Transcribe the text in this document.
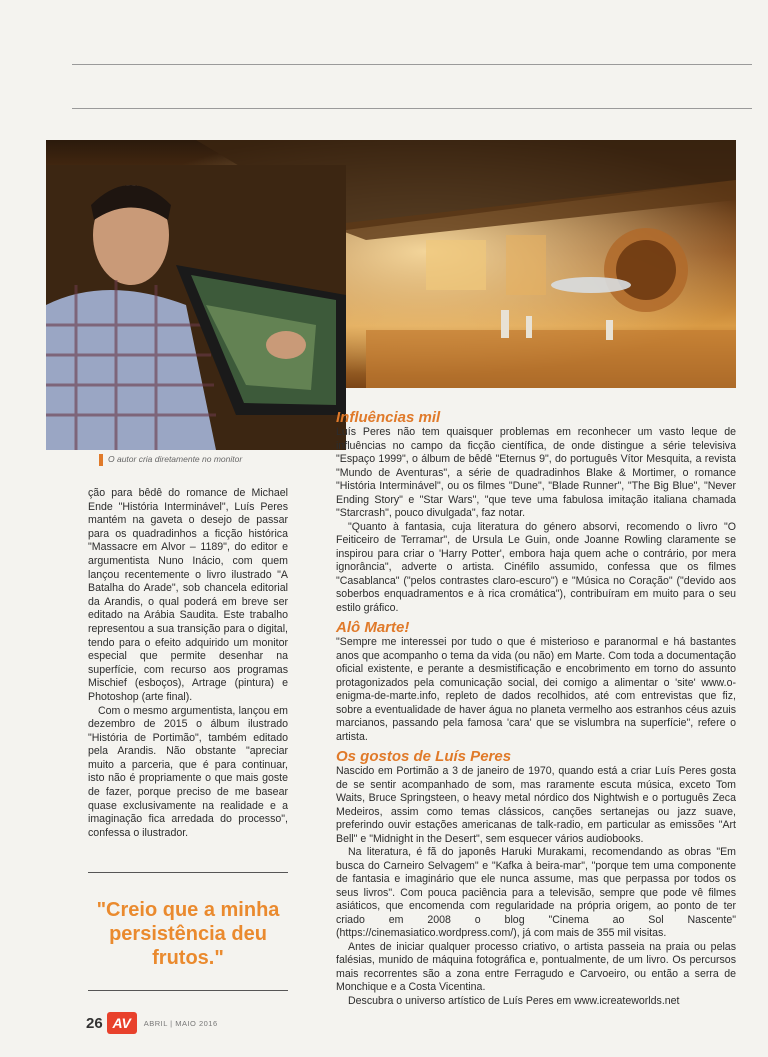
O autor cria diretamente no monitor

ção para bêdê do romance de Michael Ende "História Interminável", Luís Peres mantém na gaveta o desejo de passar para os quadradinhos a ficção histórica "Massacre em Alvor – 1189", do editor e argumentista Nuno Inácio, com quem lançou recentemente o livro ilustrado "A Batalha do Arade", sob chancela editorial da Arandis, o qual poderá em breve ser editado na Arábia Saudita. Este trabalho representou a sua transição para o digital, tendo para o efeito adquirido um monitor especial que permite desenhar na superfície, com recurso aos programas Mischief (esboços), Artrage (pintura) e Photoshop (arte final).

Com o mesmo argumentista, lançou em dezembro de 2015 o álbum ilustrado "História de Portimão", também editado pela Arandis. Não obstante "apreciar muito a parceria, que é para continuar, isto não é propriamente o que mais goste de fazer, porque preciso de me basear quase exclusivamente na realidade e a imaginação fica arredada do processo", confessa o ilustrador.

"Creio que a minha persistência deu frutos."
Influências mil

Luís Peres não tem quaisquer problemas em reconhecer um vasto leque de influências no campo da ficção científica, de onde distingue a série televisiva "Espaço 1999", o álbum de bêdê "Eternus 9", do português Vítor Mesquita, a revista "Mundo de Aventuras", a série de quadradinhos Blake & Mortimer, o romance "História Interminável", ou os filmes "Dune", "Blade Runner", "The Big Blue", "Never Ending Story" e "Star Wars", "que teve uma fabulosa imitação italiana chamada "Starcrash", pouco divulgada", faz notar.

"Quanto à fantasia, cuja literatura do género absorvi, recomendo o livro "O Feiticeiro de Terramar", de Ursula Le Guin, onde Joanne Rowling claramente se inspirou para criar o 'Harry Potter', embora haja quem ache o contrário, por mera ignorância", adverte o artista. Cinéfilo assumido, confessa que os filmes "Casablanca" ("pelos contrastes claro-escuro") e "Música no Coração" ("devido aos soberbos enquadramentos e à rica cromática"), contribuíram em muito para o seu estilo gráfico.

Alô Marte!

"Sempre me interessei por tudo o que é misterioso e paranormal e há bastantes anos que acompanho o tema da vida (ou não) em Marte. Com toda a documentação oficial existente, e perante a desmistificação e encobrimento em torno do assunto protagonizados pela comunicação social, dei comigo a alimentar o 'site' www.o-enigma-de-marte.info, repleto de dados recolhidos, até com entrevistas que fiz, sobre a eventualidade de haver água no planeta vermelho aos estranhos céus azuis marcianos, passando pela famosa 'cara' que se vislumbra na superfície", refere o artista.

Os gostos de Luís Peres

Nascido em Portimão a 3 de janeiro de 1970, quando está a criar Luís Peres gosta de se sentir acompanhado de som, mas raramente escuta música, exceto Tom Waits, Bruce Springsteen, o heavy metal nórdico dos Nightwish e o português Zeca Medeiros, assim como temas clássicos, canções sertanejas ou jazz suave, preferindo ouvir estações americanas de talk-radio, em particular as emissões "Art Bell" e "Midnight in the Desert", sem esquecer vários audiobooks.

Na literatura, é fã do japonês Haruki Murakami, recomendando as obras "Em busca do Carneiro Selvagem" e "Kafka à beira-mar", "porque tem uma componente de fantasia e imaginário que ele nunca assume, mas que perpassa por todos os seus livros". Com pouca paciência para a televisão, sempre que pode vê filmes asiáticos, que encomenda com regularidade na própria origem, ao ponto de ter criado em 2008 o blog "Cinema ao Sol Nascente" (https://cinemasiatico.wordpress.com/), já com mais de 355 mil visitas.

Antes de iniciar qualquer processo criativo, o artista passeia na praia ou pelas falésias, munido de máquina fotográfica e, pontualmente, de um livro. Os percursos mais recorrentes são a zona entre Ferragudo e Carvoeiro, ou então a serra de Monchique e a Costa Vicentina.

Descubra o universo artístico de Luís Peres em www.icreateworlds.net

26 AV	ABRIL | MAIO 2016
